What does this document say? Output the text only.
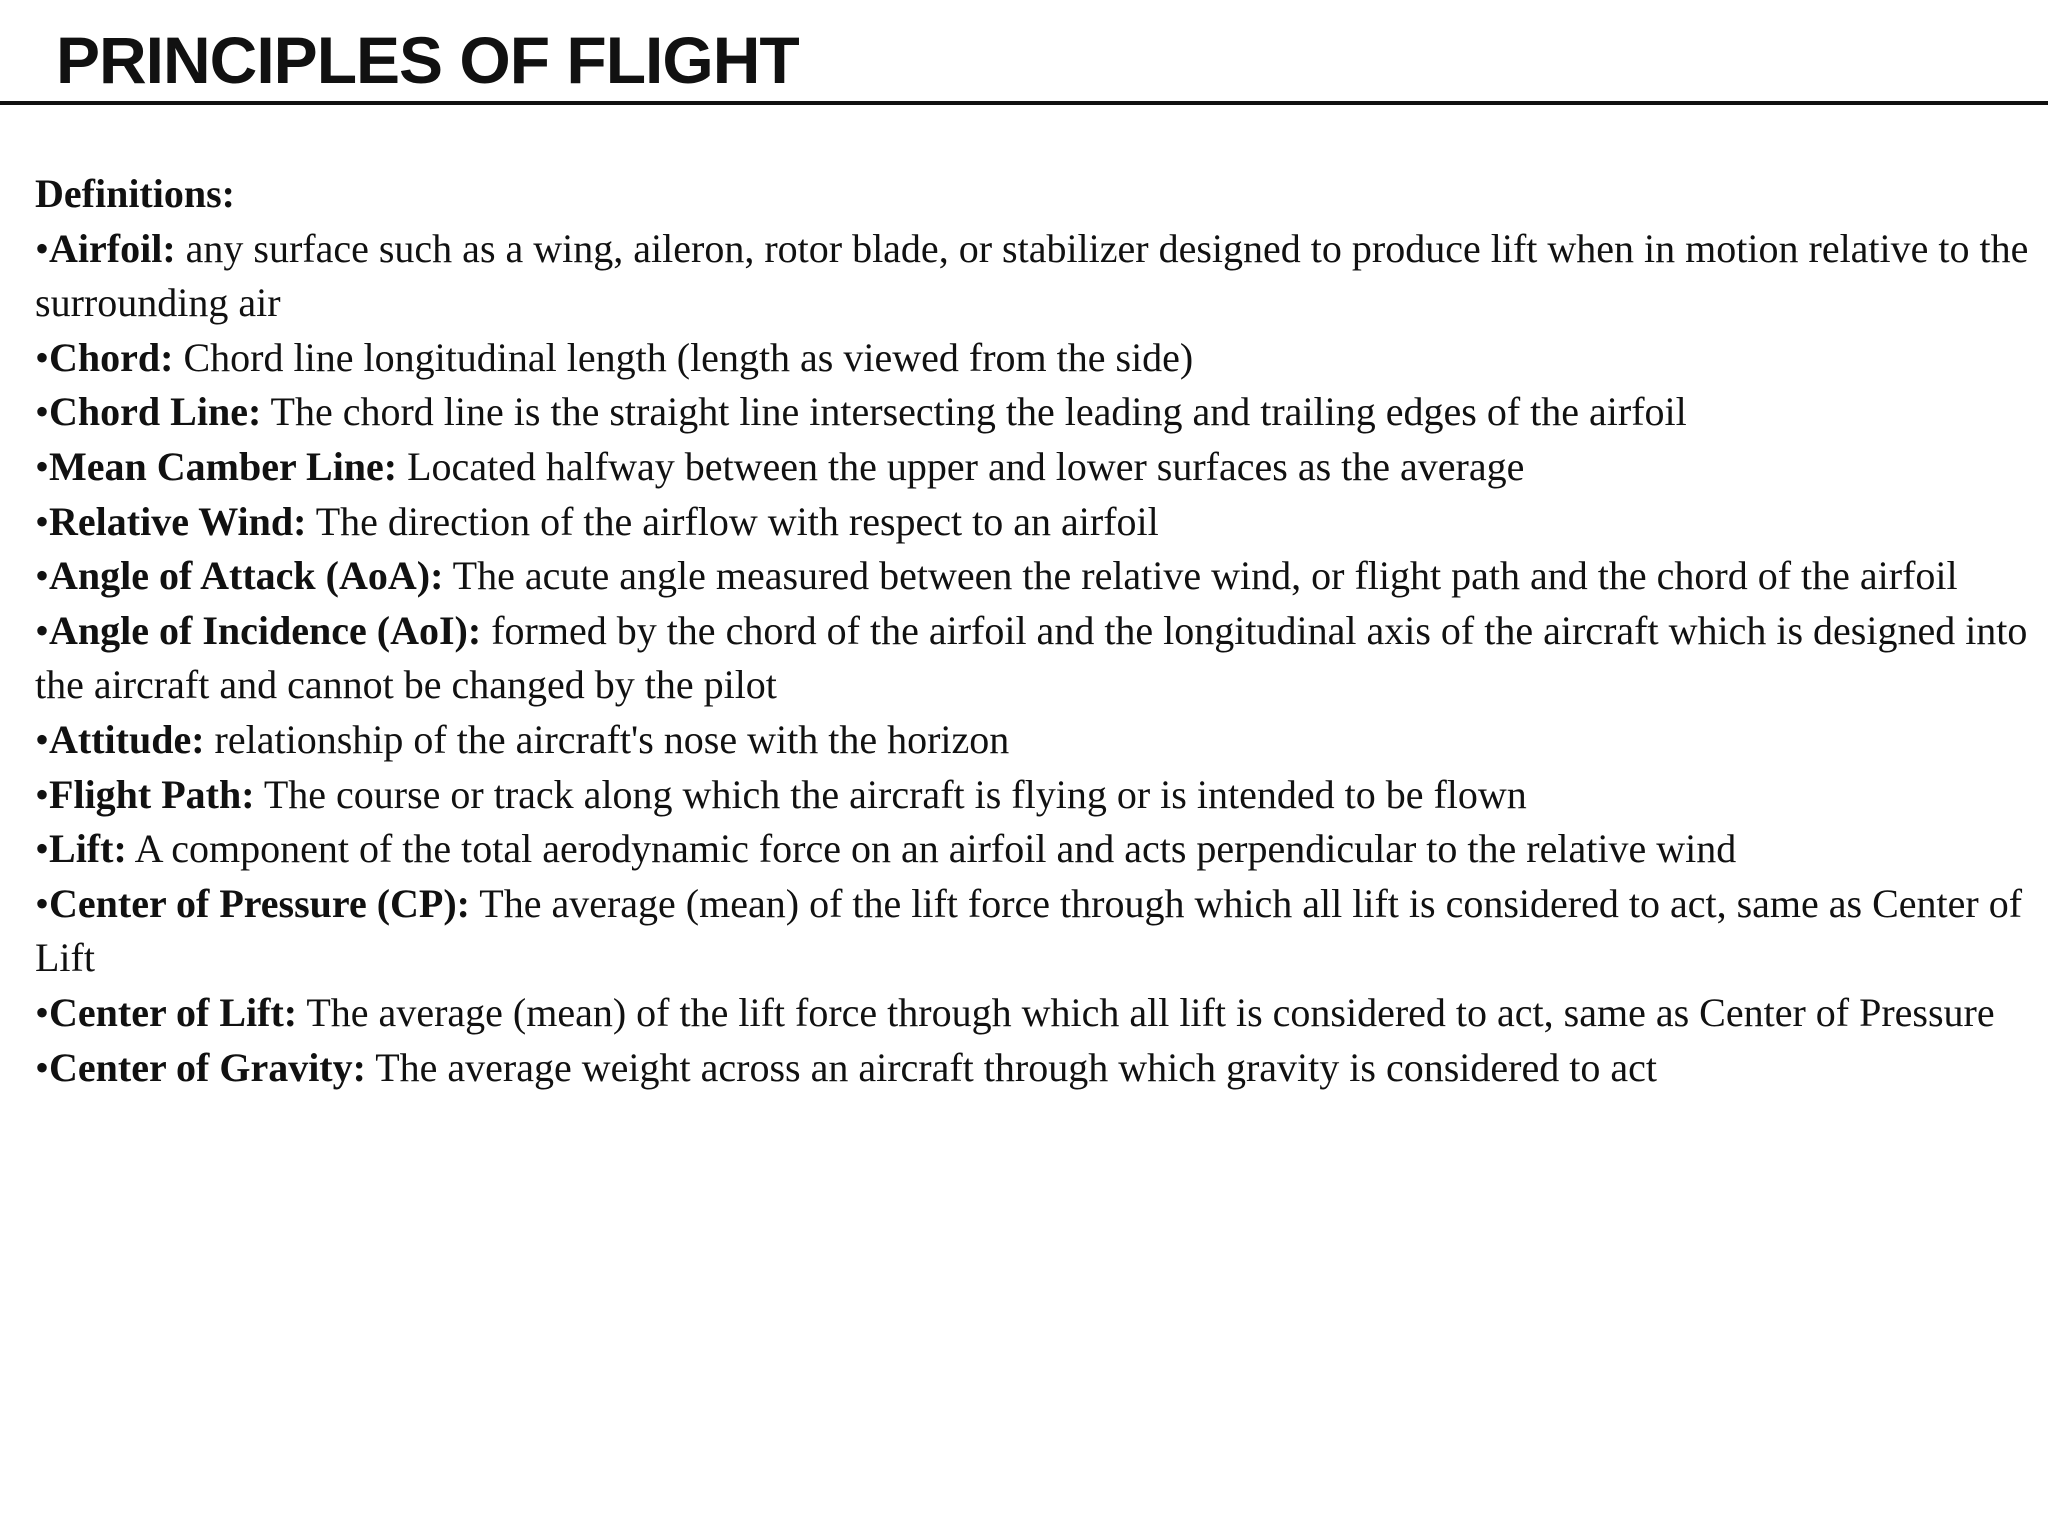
PRINCIPLES OF FLIGHT

Definitions:

•Airfoil: any surface such as a wing, aileron, rotor blade, or stabilizer designed to produce lift when in motion relative to the surrounding air
•Chord: Chord line longitudinal length (length as viewed from the side)
•Chord Line: The chord line is the straight line intersecting the leading and trailing edges of the airfoil
•Mean Camber Line: Located halfway between the upper and lower surfaces as the average
•Relative Wind: The direction of the airflow with respect to an airfoil
•Angle of Attack (AoA): The acute angle measured between the relative wind, or flight path and the chord of the airfoil
•Angle of Incidence (AoI): formed by the chord of the airfoil and the longitudinal axis of the aircraft which is designed into the aircraft and cannot be changed by the pilot
•Attitude: relationship of the aircraft's nose with the horizon
•Flight Path: The course or track along which the aircraft is flying or is intended to be flown
•Lift: A component of the total aerodynamic force on an airfoil and acts perpendicular to the relative wind
•Center of Pressure (CP): The average (mean) of the lift force through which all lift is considered to act, same as Center of Lift
•Center of Lift: The average (mean) of the lift force through which all lift is considered to act, same as Center of Pressure
•Center of Gravity: The average weight across an aircraft through which gravity is considered to act
